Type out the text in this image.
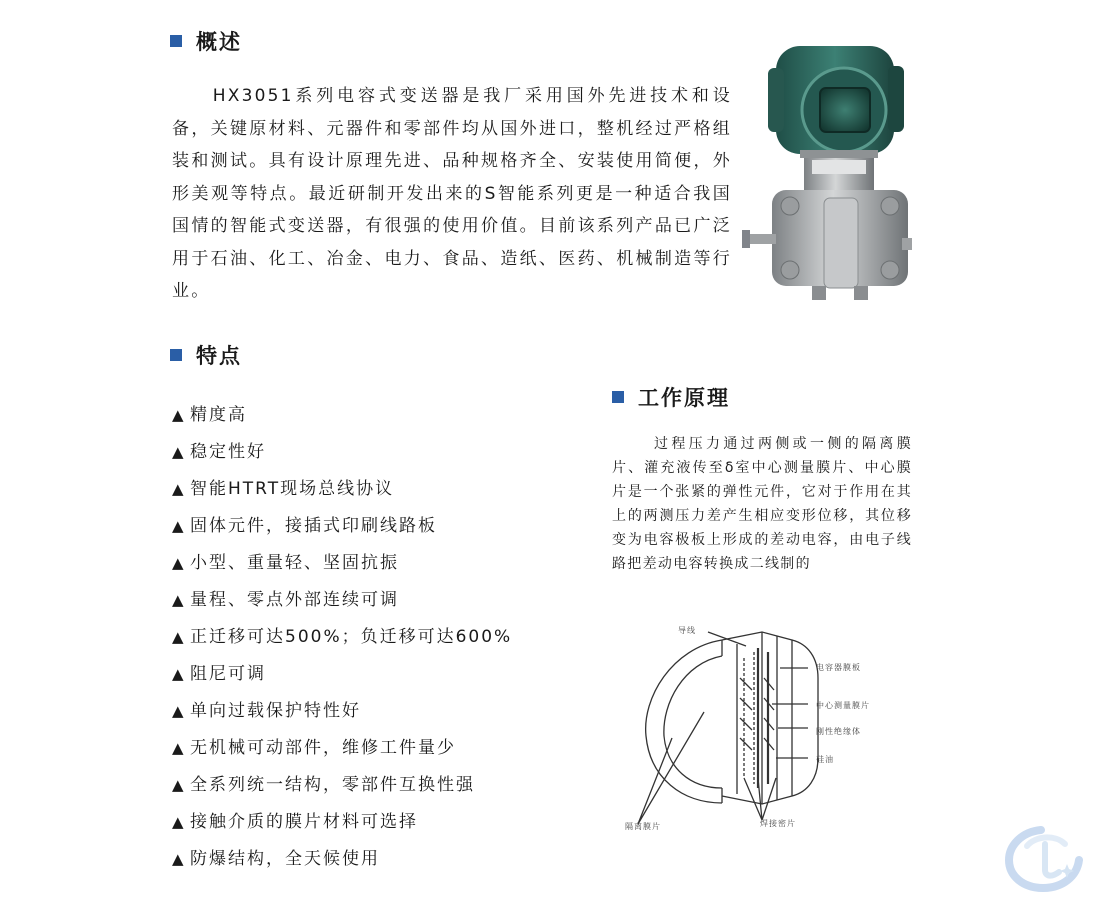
概述

HX3051系列电容式变送器是我厂采用国外先进技术和设备，关键原材料、元器件和零部件均从国外进口，整机经过严格组装和测试。具有设计原理先进、品种规格齐全、安装使用简便，外形美观等特点。最近研制开发出来的S智能系列更是一种适合我国国情的智能式变送器，有很强的使用价值。目前该系列产品已广泛用于石油、化工、冶金、电力、食品、造纸、医药、机械制造等行业。

特点
▲ 精度高
▲ 稳定性好
▲ 智能HTRT现场总线协议
▲ 固体元件，接插式印刷线路板
▲ 小型、重量轻、坚固抗振
▲ 量程、零点外部连续可调
▲ 正迁移可达500%；负迁移可达600%
▲ 阻尼可调
▲ 单向过载保护特性好
▲ 无机械可动部件，维修工件量少
▲ 全系列统一结构，零部件互换性强
▲ 接触介质的膜片材料可选择
▲ 防爆结构，全天候使用
工作原理

过程压力通过两侧或一侧的隔离膜片、灌充液传至δ室中心测量膜片、中心膜片是一个张紧的弹性元件，它对于作用在其上的两测压力差产生相应变形位移，其位移变为电容极板上形成的差动电容，由电子线路把差动电容转换成二线制的

导线
电容器膜板
中心测量膜片
刚性绝缘体
硅油
隔离膜片	焊接密片
